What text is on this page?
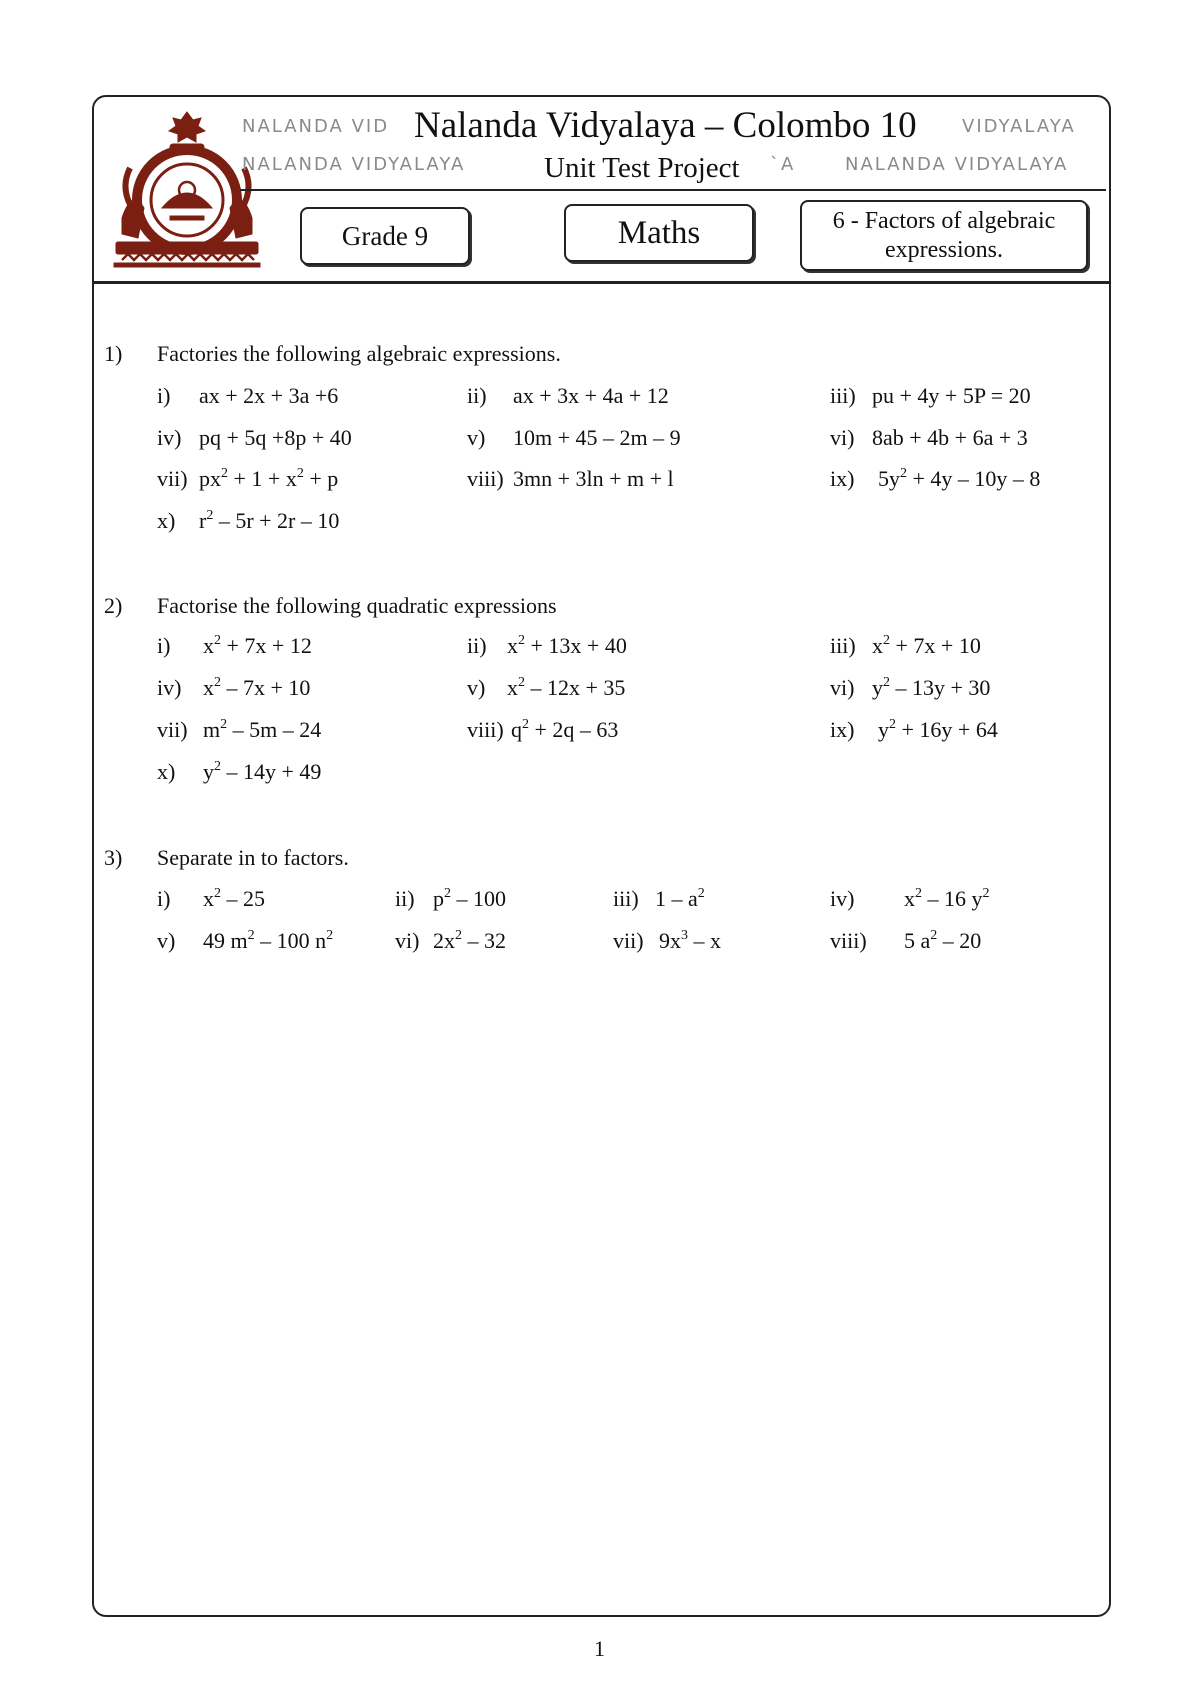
NALANDA VID	VIDYALAYA
NALANDA VIDYALAYA	`A	NALANDA VIDYALAYA
Nalanda Vidyalaya – Colombo 10
Unit Test Project
Grade 9	Maths	6 - Factors of algebraic
expressions.
1) Factories the following algebraic expressions.
i) ax + 2x + 3a +6	ii) ax + 3x + 4a + 12	iii) pu + 4y + 5P = 20
iv) pq + 5q +8p + 40	v) 10m + 45 – 2m – 9	vi) 8ab + 4b + 6a + 3
vii) $px^2 + 1 + x^2 + p$	viii) 3mn + 3ln + m + l	ix) $5y^2 + 4y - 10y - 8$
x) $r^2 - 5r + 2r - 10$
2) Factorise the following quadratic expressions
i) $x^2 + 7x + 12$	ii) $x^2 + 13x + 40$	iii) $x^2 + 7x + 10$
iv) $x^2 - 7x + 10$	v) $x^2 - 12x + 35$	vi) $y^2 - 13y + 30$
vii) $m^2 - 5m - 24$	viii) $q^2 + 2q - 63$	ix) $y^2 + 16y + 64$
x) $y^2 - 14y + 49$
3) Separate in to factors.
i) $x^2 - 25$	ii) $p^2 - 100$	iii) $1 - a^2$	iv) $x^2 - 16$ $y^2$
v) 49 $m^2 - 100$ $n^2$	vi) $2x^2 - 32$	vii) $9x^3$ – x	viii) 5 $a^2 - 20$
1
